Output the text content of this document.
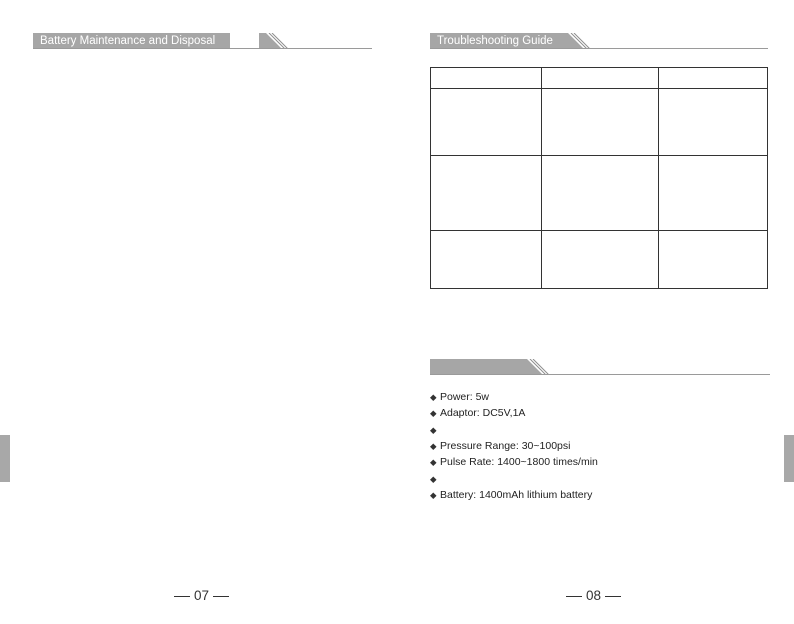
Battery Maintenance and Disposal
07
Troubleshooting Guide

◆ Power: 5w
◆ Adaptor: DC5V,1A
◆
◆ Pressure Range: 30~100psi
◆ Pulse Rate: 1400~1800 times/min
◆
◆ Battery: 1400mAh lithium battery
08
